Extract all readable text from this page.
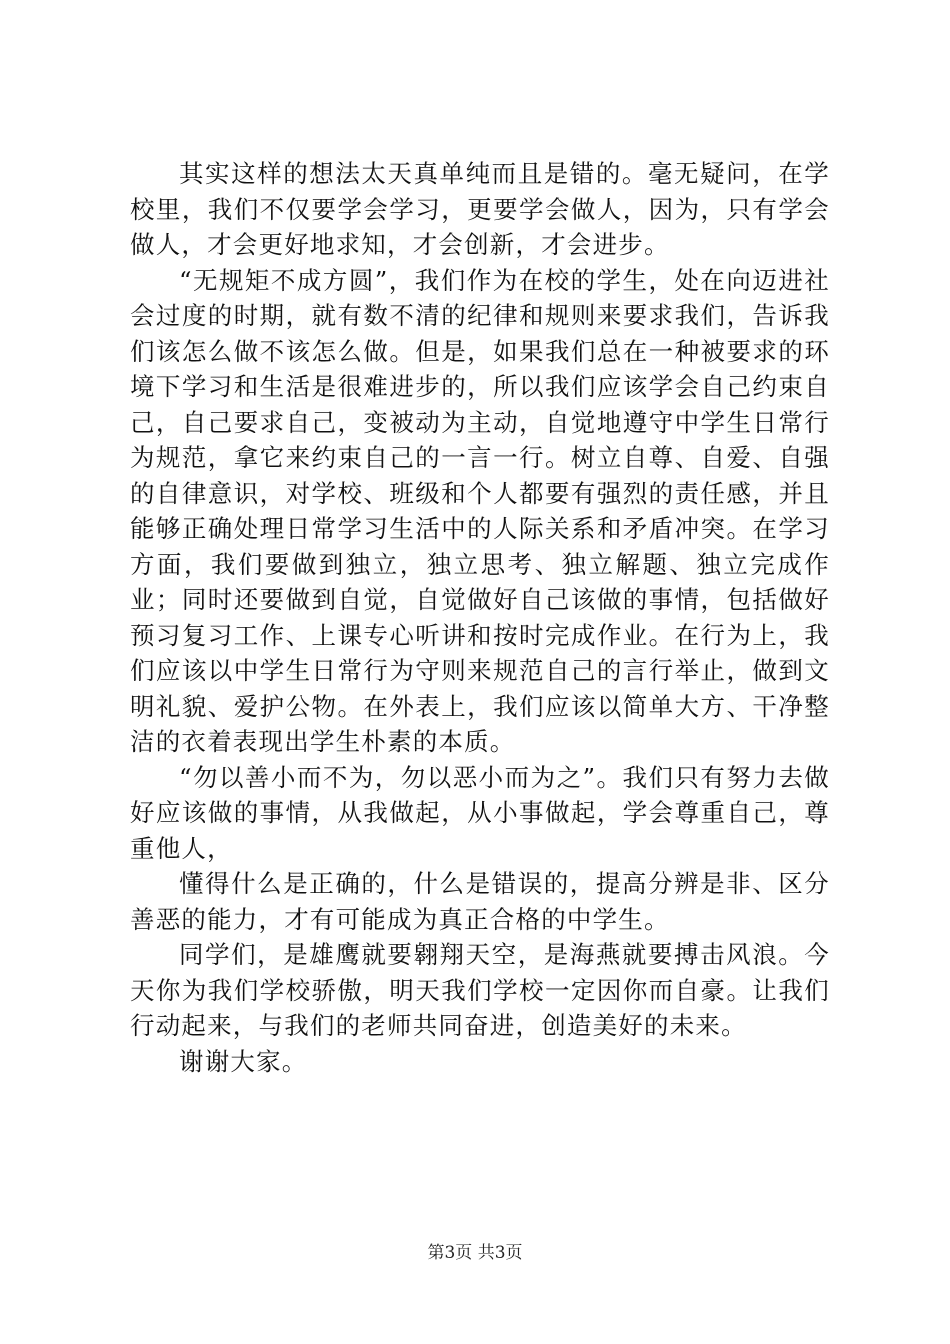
其实这样的想法太天真单纯而且是错的。毫无疑问，在学校里，我们不仅要学会学习，更要学会做人，因为，只有学会做人，才会更好地求知，才会创新，才会进步。

“无规矩不成方圆”，我们作为在校的学生，处在向迈进社会过度的时期，就有数不清的纪律和规则来要求我们，告诉我们该怎么做不该怎么做。但是，如果我们总在一种被要求的环境下学习和生活是很难进步的，所以我们应该学会自己约束自己，自己要求自己，变被动为主动，自觉地遵守中学生日常行为规范，拿它来约束自己的一言一行。树立自尊、自爱、自强的自律意识，对学校、班级和个人都要有强烈的责任感，并且能够正确处理日常学习生活中的人际关系和矛盾冲突。在学习方面，我们要做到独立，独立思考、独立解题、独立完成作业；同时还要做到自觉，自觉做好自己该做的事情，包括做好预习复习工作、上课专心听讲和按时完成作业。在行为上，我们应该以中学生日常行为守则来规范自己的言行举止，做到文明礼貌、爱护公物。在外表上，我们应该以简单大方、干净整洁的衣着表现出学生朴素的本质。

“勿以善小而不为，勿以恶小而为之”。我们只有努力去做好应该做的事情，从我做起，从小事做起，学会尊重自己，尊重他人，

懂得什么是正确的，什么是错误的，提高分辨是非、区分善恶的能力，才有可能成为真正合格的中学生。

同学们，是雄鹰就要翱翔天空，是海燕就要搏击风浪。今天你为我们学校骄傲，明天我们学校一定因你而自豪。让我们行动起来，与我们的老师共同奋进，创造美好的未来。

谢谢大家。

第3页 共3页
